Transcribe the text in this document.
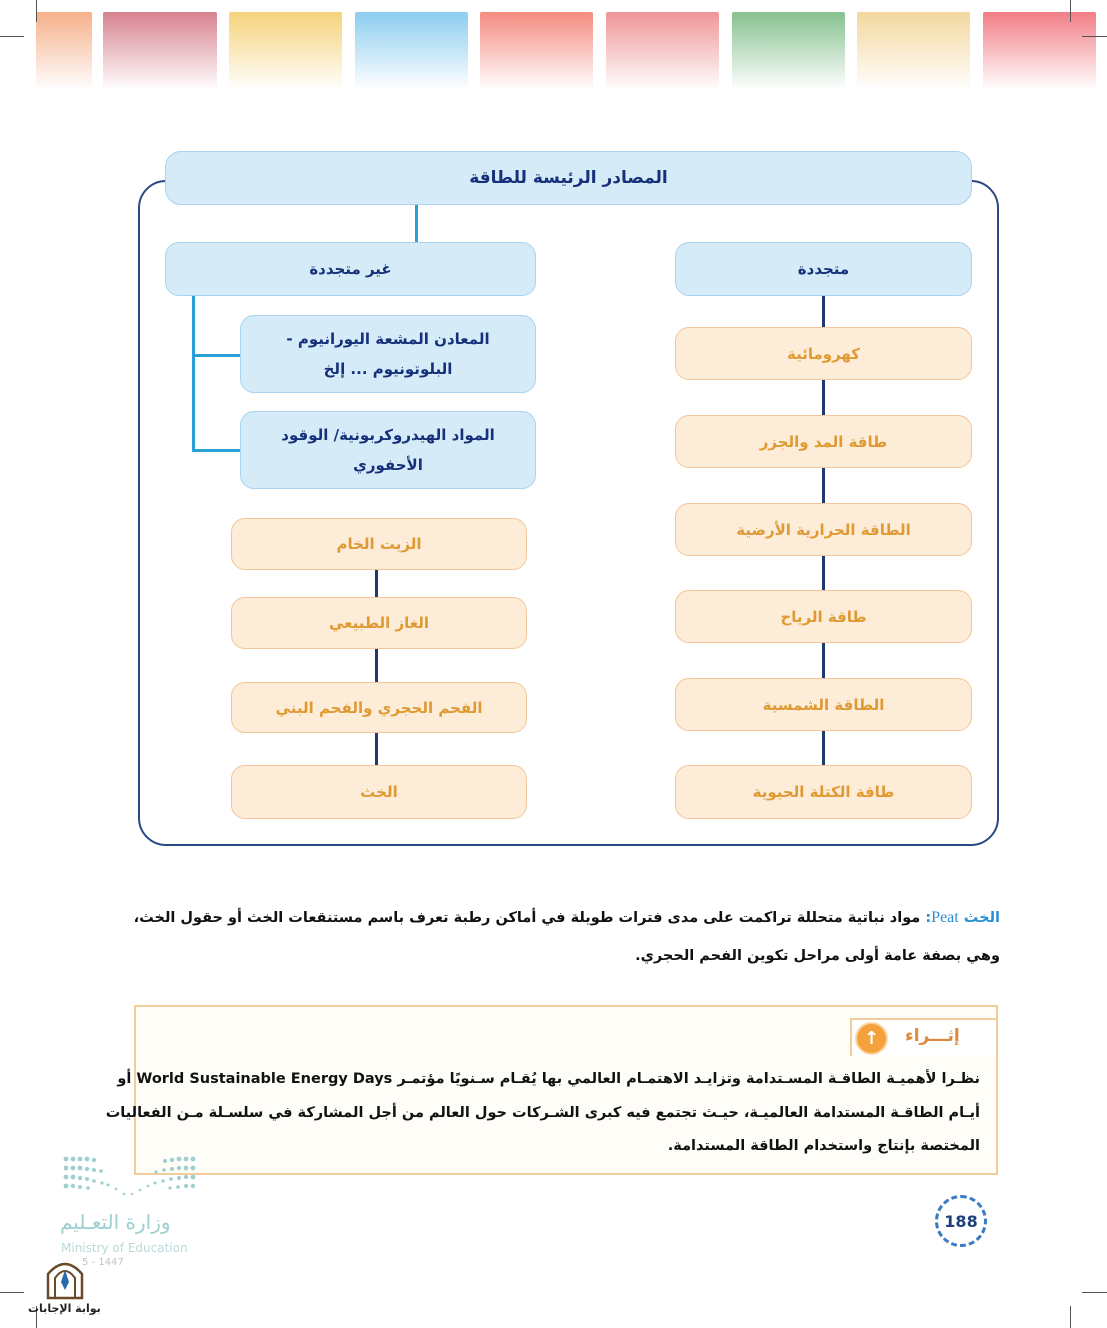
المصادر الرئيسة للطاقة
غير متجددة	متجددة
المعادن المشعة اليورانيوم -
البلوتونيوم ... إلخ
المواد الهيدروكربونية/ الوقود
الأحفوري
الزيت الخام
الغاز الطبيعي
الفحم الحجري والفحم البني
الخث
كهرومائية
طاقة المد والجزر
الطاقة الحرارية الأرضية
طاقة الرياح
الطاقة الشمسية
طاقة الكتلة الحيوية
الخث Peat: مواد نباتية متحللة تراكمت على مدى فترات طويلة في أماكن رطبة تعرف باسم مستنقعات الخث أو حقول الخث،
وهي بصفة عامة أولى مراحل تكوين الفحم الحجري.
إثـــراء
↑
نظـرا لأهميـة الطاقـة المسـتدامة وتزايـد الاهتمـام العالمي بها يُقـام سـنويًا مؤتمـر World Sustainable Energy Days أو
أيـام الطاقـة المستدامة العالميـة، حيـث تجتمع فيه كبرى الشـركات حول العالم من أجل المشاركة في سلسـلة مـن الفعاليات
المختصة بإنتاج واستخدام الطاقة المستدامة.
188
وزارة التعـليم
Ministry of Education
5 - 1447
بوابة الإجابات
